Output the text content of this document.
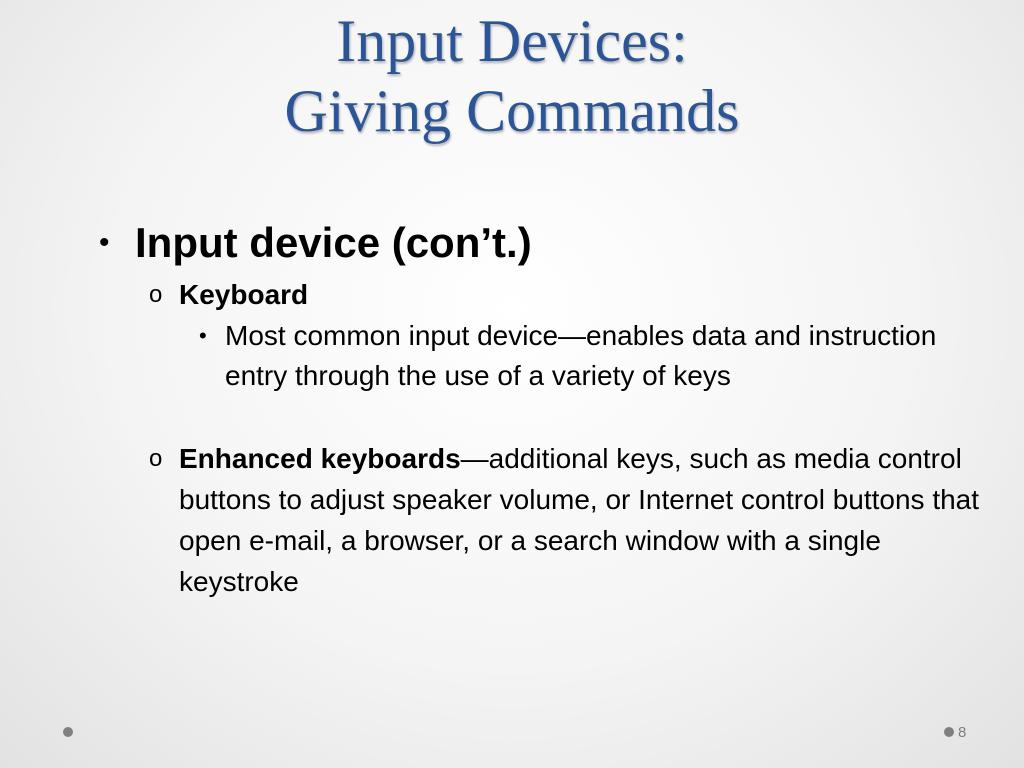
Input Devices:
Giving Commands
• Input device (con’t.)
o Keyboard
• Most common input device—enables data and instruction entry through the use of a variety of keys
o Enhanced keyboards—additional keys, such as media control buttons to adjust speaker volume, or Internet control buttons that open e-mail, a browser, or a search window with a single keystroke
8
